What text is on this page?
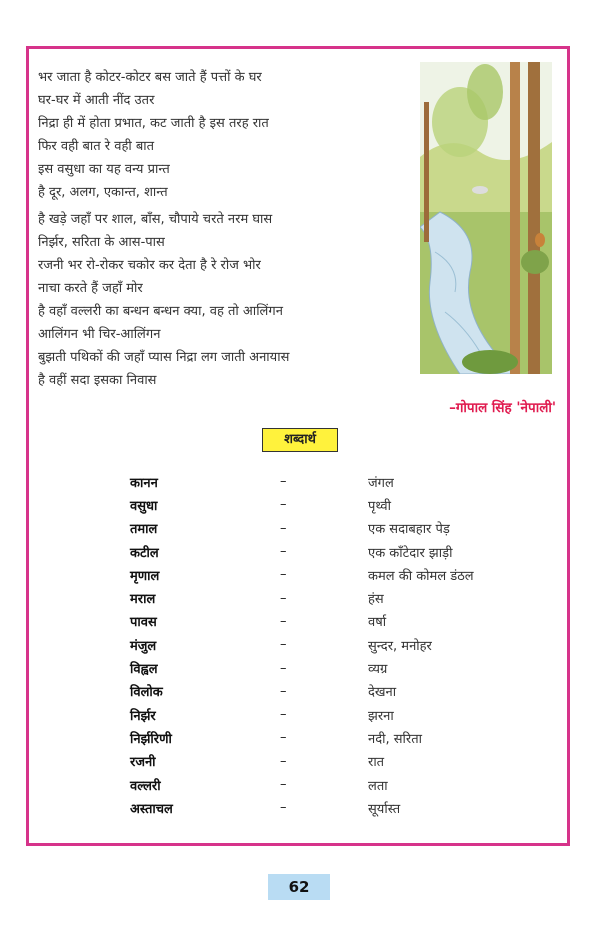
भर जाता है कोटर-कोटर बस जाते हैं पत्तों के घर
घर-घर में आती नींद उतर
निद्रा ही में होता प्रभात, कट जाती है इस तरह रात
फिर वही बात रे वही बात
इस वसुधा का यह वन्य प्रान्त
है दूर, अलग, एकान्त, शान्त
है खड़े जहाँ पर शाल, बाँस, चौपाये चरते नरम घास
निर्झर, सरिता के आस-पास
रजनी भर रो-रोकर चकोर कर देता है रे रोज भोर
नाचा करते हैं जहाँ मोर
है वहाँ वल्लरी का बन्धन बन्धन क्या, वह तो आलिंगन
आलिंगन भी चिर-आलिंगन
बुझती पथिकों की जहाँ प्यास निद्रा लग जाती अनायास
है वहीं सदा इसका निवास
–गोपाल सिंह 'नेपाली'
शब्दार्थ
कानन	–	जंगल
वसुधा	–	पृथ्वी
तमाल	–	एक सदाबहार पेड़
कटील	–	एक काँटेदार झाड़ी
मृणाल	–	कमल की कोमल डंठल
मराल	–	हंस
पावस	–	वर्षा
मंजुल	–	सुन्दर, मनोहर
विह्वल	–	व्यग्र
विलोक	–	देखना
निर्झर	–	झरना
निर्झरिणी	–	नदी, सरिता
रजनी	–	रात
वल्लरी	–	लता
अस्ताचल	–	सूर्यास्त
62
